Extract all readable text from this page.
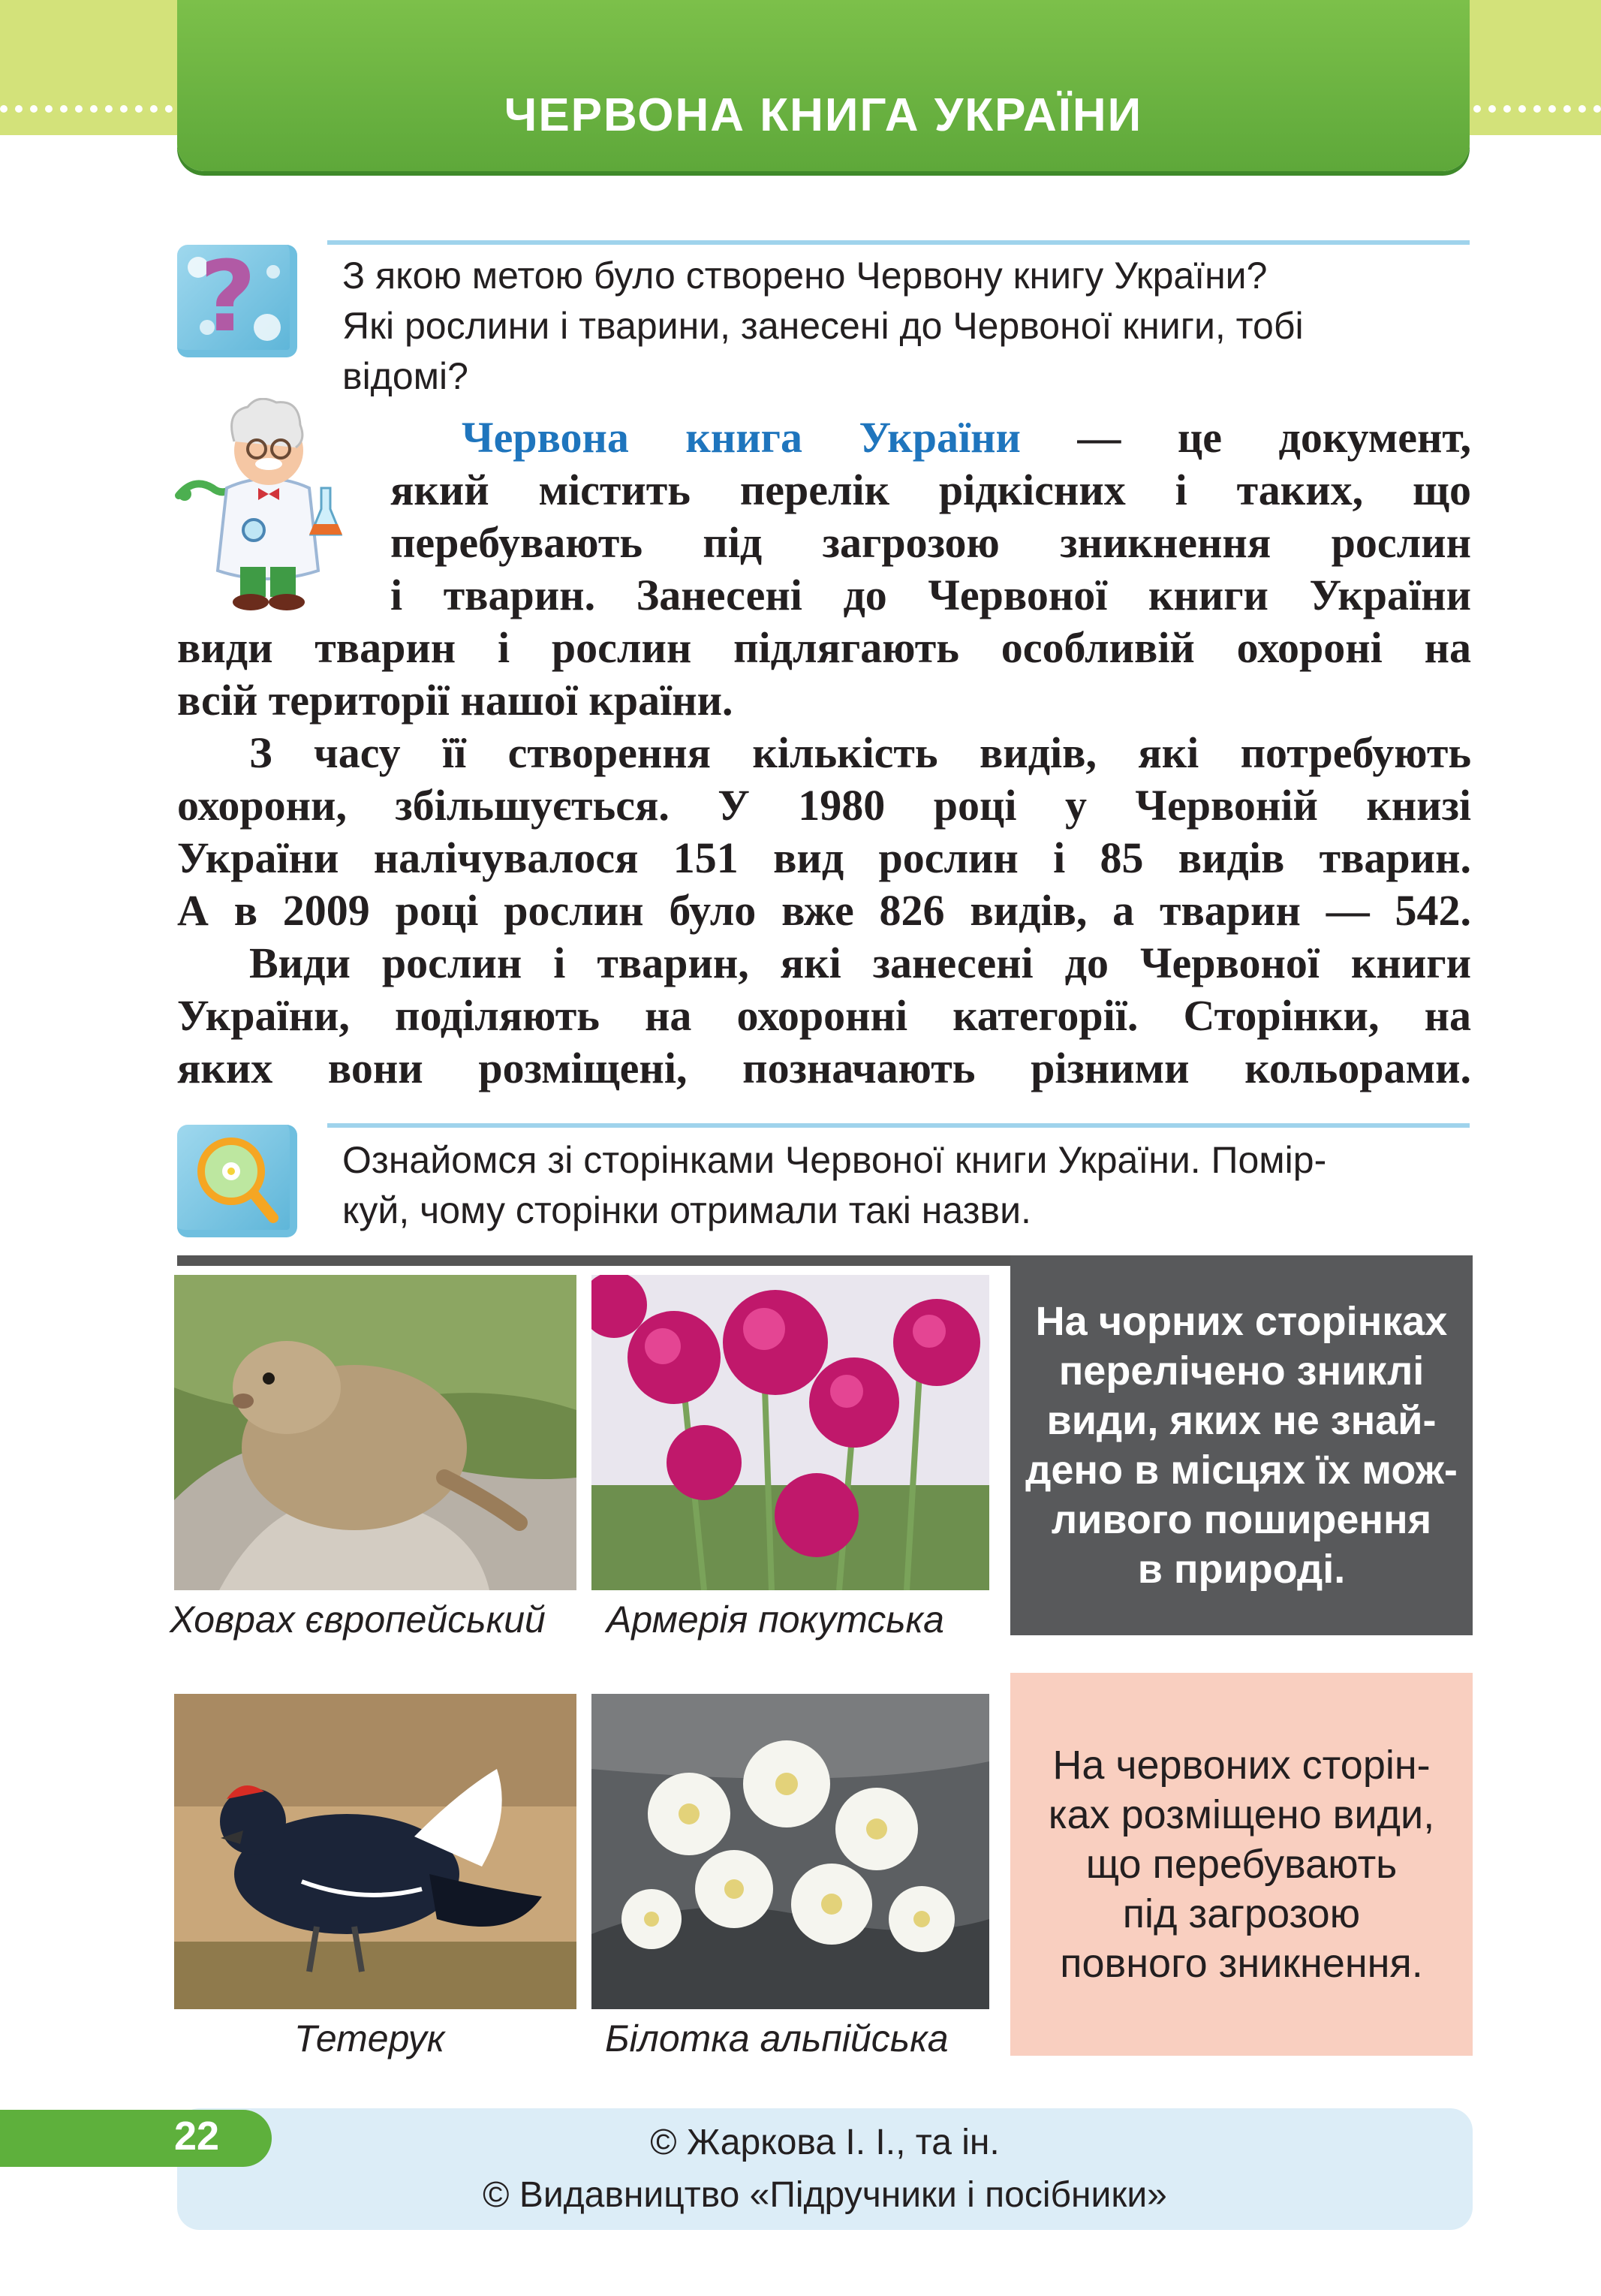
ЧЕРВОНА КНИГА УКРАЇНИ
? З якою метою було створено Червону книгу України?
Які рослини і тварини, занесені до Червоної книги, тобі
відомі?
Червона книга України — це документ,
який містить перелік рідкісних і таких, що
перебувають під загрозою зникнення рослин
і тварин. Занесені до Червоної книги України
види тварин і рослин підлягають особливій охороні на
всій території нашої країни.
З часу її створення кількість видів, які потребують
охорони, збільшується. У 1980 році у Червоній книзі
України налічувалося 151 вид рослин і 85 видів тварин.
А в 2009 році рослин було вже 826 видів, а тварин — 542.
Види рослин і тварин, які занесені до Червоної книги
України, поділяють на охоронні категорії. Сторінки, на
яких вони розміщені, позначають різними кольорами.
Ознайомся зі сторінками Червоної книги України. Помір-
куй, чому сторінки отримали такі назви.
Ховрах європейський Армерія покутська
На чорних сторінках
перелічено зниклі
види, яких не знай-
дено в місцях їх мож-
ливого поширення
в природі.
Тетерук	Білотка альпійська
На червоних сторін-
ках розміщено види,
що перебувають
під загрозою
повного зникнення.
© Жаркова І. І., та ін.
© Видавництво «Підручники і посібники»
22
